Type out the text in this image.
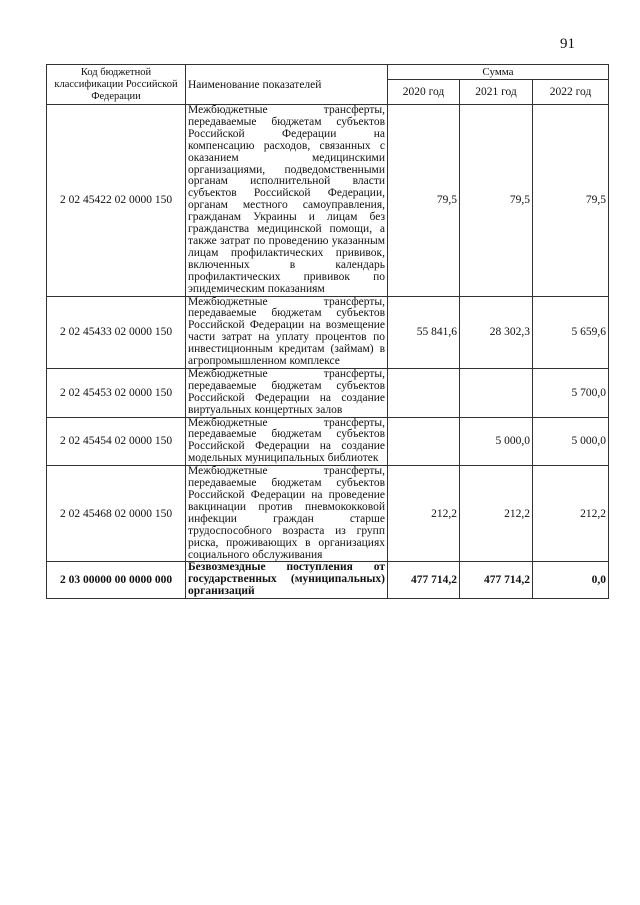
91
Код бюджетной классификации Российской Федерации	Наименование показателей	Сумма		
		2020 год	2021 год	2022 год
2 02 45422 02 0000 150	Межбюджетные трансферты, передаваемые бюджетам субъектов Российской Федерации на компенсацию расходов, связанных с оказанием медицинскими организациями, подведомственными органам исполнительной власти субъектов Российской Федерации, органам местного самоуправления, гражданам Украины и лицам без гражданства медицинской помощи, а также затрат по проведению указанным лицам профилактических прививок, включенных в календарь профилактических прививок по эпидемическим показаниям	79,5	79,5	79,5
2 02 45433 02 0000 150	Межбюджетные трансферты, передаваемые бюджетам субъектов Российской Федерации на возмещение части затрат на уплату процентов по инвестиционным кредитам (займам) в агропромышленном комплексе	55 841,6	28 302,3	5 659,6
2 02 45453 02 0000 150	Межбюджетные трансферты, передаваемые бюджетам субъектов Российской Федерации на создание виртуальных концертных залов			5 700,0
2 02 45454 02 0000 150	Межбюджетные трансферты, передаваемые бюджетам субъектов Российской Федерации на создание модельных муниципальных библиотек		5 000,0	5 000,0
2 02 45468 02 0000 150	Межбюджетные трансферты, передаваемые бюджетам субъектов Российской Федерации на проведение вакцинации против пневмококковой инфекции граждан старше трудоспособного возраста из групп риска, проживающих в организациях социального обслуживания	212,2	212,2	212,2
2 03 00000 00 0000 000	Безвозмездные поступления от государственных (муниципальных) организаций	477 714,2	477 714,2	0,0
